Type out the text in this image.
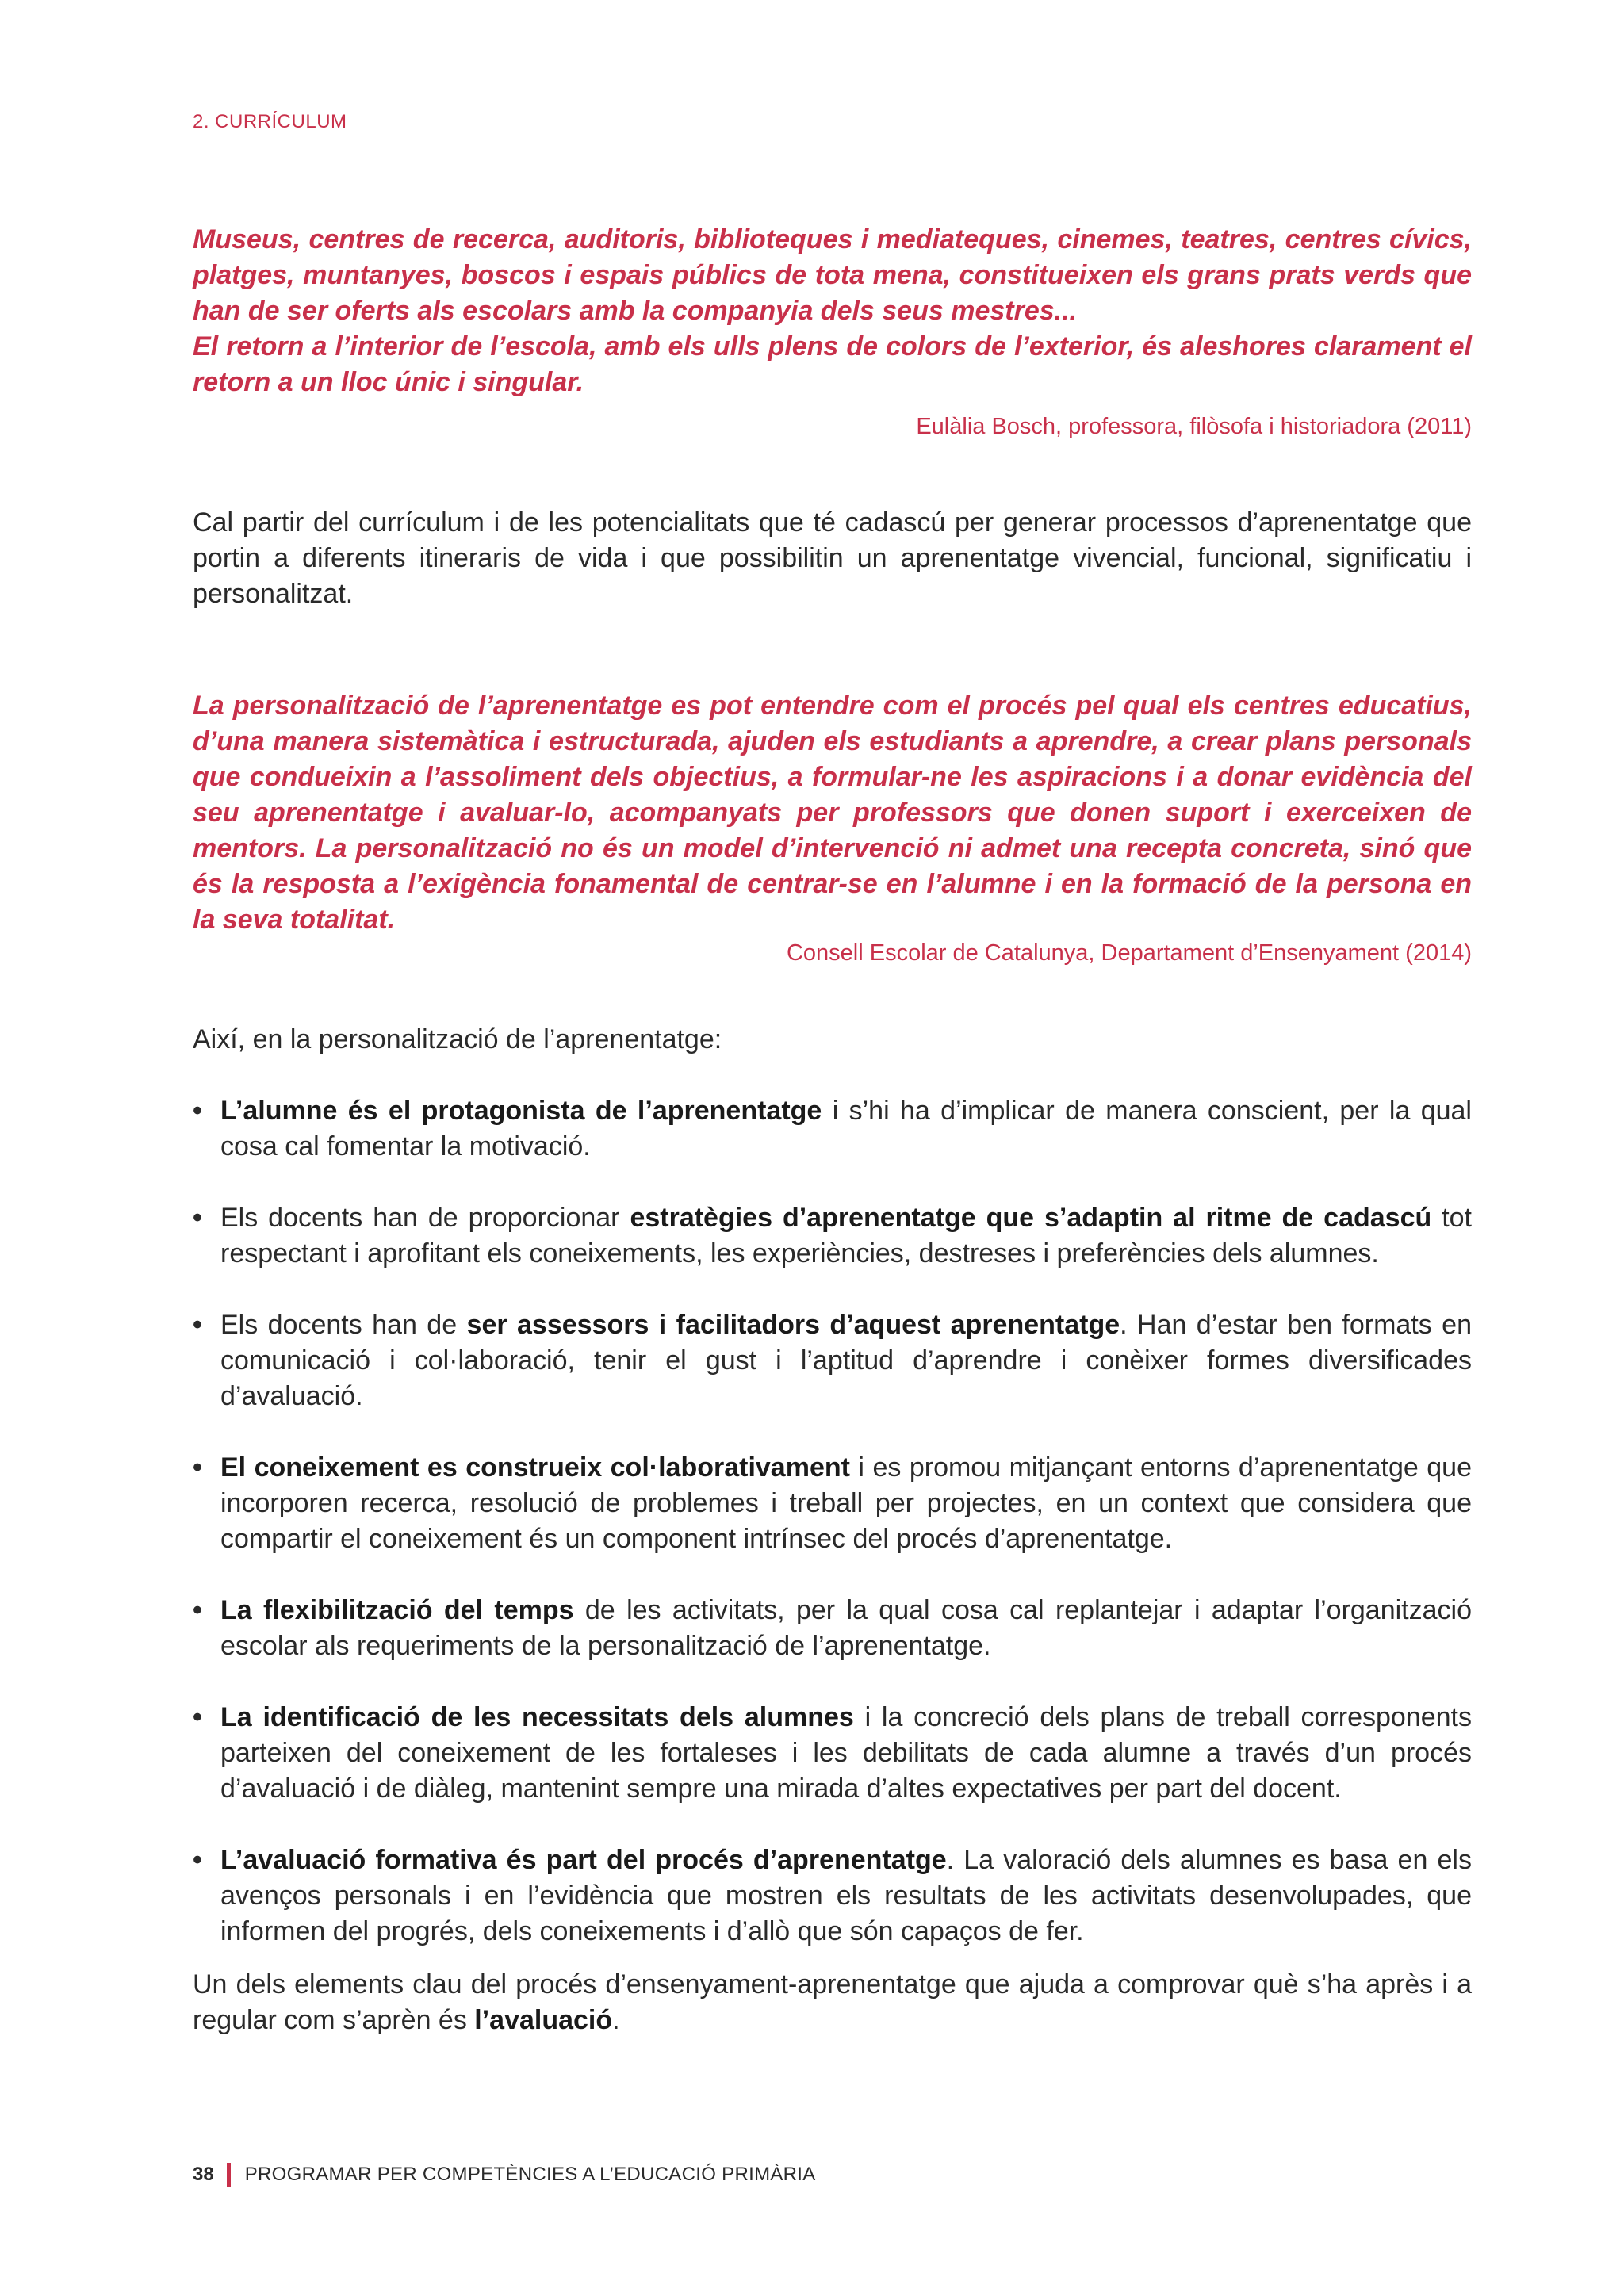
2. CURRÍCULUM

Museus, centres de recerca, auditoris, biblioteques i mediateques, cinemes, teatres, centres cívics, platges, muntanyes, boscos i espais públics de tota mena, constitueixen els grans prats verds que han de ser oferts als escolars amb la companyia dels seus mestres...

El retorn a l’interior de l’escola, amb els ulls plens de colors de l’exterior, és aleshores clarament el retorn a un lloc únic i singular.

Eulàlia Bosch, professora, filòsofa i historiadora (2011)

Cal partir del currículum i de les potencialitats que té cadascú per generar processos d’aprenentatge que portin a diferents itineraris de vida i que possibilitin un aprenentatge vivencial, funcional, significatiu i personalitzat.

La personalització de l’aprenentatge es pot entendre com el procés pel qual els centres educatius, d’una manera sistemàtica i estructurada, ajuden els estudiants a aprendre, a crear plans personals que condueixin a l’assoliment dels objectius, a formular-ne les aspiracions i a donar evidència del seu aprenentatge i avaluar-lo, acompanyats per professors que donen suport i exerceixen de mentors. La personalització no és un model d’intervenció ni admet una recepta concreta, sinó que és la resposta a l’exigència fonamental de centrar-se en l’alumne i en la formació de la persona en la seva totalitat.

Consell Escolar de Catalunya, Departament d’Ensenyament (2014)

Així, en la personalització de l’aprenentatge:

• L’alumne és el protagonista de l’aprenentatge i s’hi ha d’implicar de manera conscient, per la qual cosa cal fomentar la motivació.
• Els docents han de proporcionar estratègies d’aprenentatge que s’adaptin al ritme de cadascú tot respectant i aprofitant els coneixements, les experiències, destreses i preferències dels alumnes.
• Els docents han de ser assessors i facilitadors d’aquest aprenentatge. Han d’estar ben formats en comunicació i col·laboració, tenir el gust i l’aptitud d’aprendre i conèixer formes diversificades d’avaluació.
• El coneixement es construeix col·laborativament i es promou mitjançant entorns d’aprenentatge que incorporen recerca, resolució de problemes i treball per projectes, en un context que considera que compartir el coneixement és un component intrínsec del procés d’aprenentatge.
• La flexibilització del temps de les activitats, per la qual cosa cal replantejar i adaptar l’organització escolar als requeriments de la personalització de l’aprenentatge.
• La identificació de les necessitats dels alumnes i la concreció dels plans de treball corresponents parteixen del coneixement de les fortaleses i les debilitats de cada alumne a través d’un procés d’avaluació i de diàleg, mantenint sempre una mirada d’altes expectatives per part del docent.
• L’avaluació formativa és part del procés d’aprenentatge. La valoració dels alumnes es basa en els avenços personals i en l’evidència que mostren els resultats de les activitats desenvolupades, que informen del progrés, dels coneixements i d’allò que són capaços de fer.

Un dels elements clau del procés d’ensenyament-aprenentatge que ajuda a comprovar què s’ha après i a regular com s’aprèn és l’avaluació.

38 PROGRAMAR PER COMPETÈNCIES A L’EDUCACIÓ PRIMÀRIA
